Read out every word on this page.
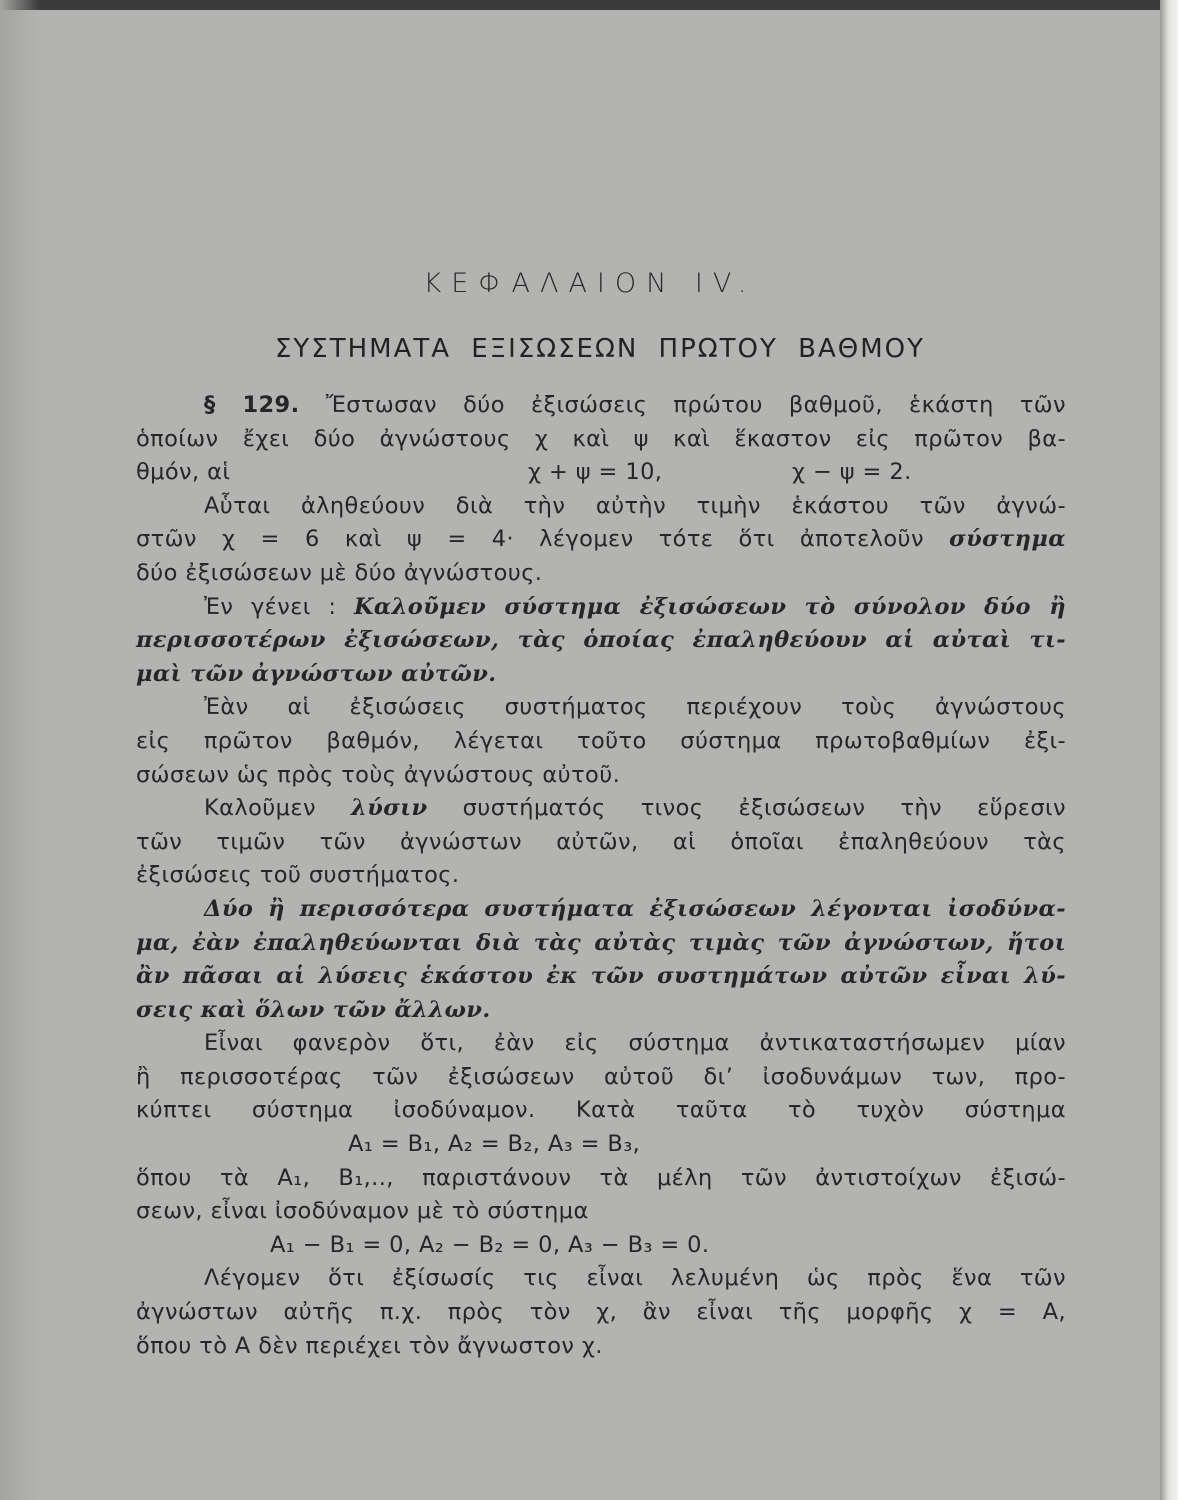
ΚΕΦΑΛΑΙΟΝ IV.
ΣΥΣΤΗΜΑΤΑ ΕΞΙΣΩΣΕΩΝ ΠΡΩΤΟΥ ΒΑΘΜΟΥ
§ 129. Ἔστωσαν δύο ἐξισώσεις πρώτου βαθμοῦ, ἑκάστη τῶν
ὁποίων ἔχει δύο ἀγνώστους χ καὶ ψ καὶ ἕκαστον εἰς πρῶτον βα-
θμόν, αἱ	χ + ψ = 10,	χ − ψ = 2.
Αὗται ἀληθεύουν διὰ τὴν αὐτὴν τιμὴν ἑκάστου τῶν ἀγνώ-
στῶν χ = 6 καὶ ψ = 4· λέγομεν τότε ὅτι ἀποτελοῦν σύστημα
δύο ἐξισώσεων μὲ δύο ἀγνώστους.
Ἐν γένει : Καλοῦμεν σύστημα ἐξισώσεων τὸ σύνολον δύο ἢ
περισσοτέρων ἐξισώσεων, τὰς ὁποίας ἐπαληθεύουν αἱ αὐταὶ τι-
μαὶ τῶν ἀγνώστων αὐτῶν.
Ἐὰν αἱ ἐξισώσεις συστήματος περιέχουν τοὺς ἀγνώστους
εἰς πρῶτον βαθμόν, λέγεται τοῦτο σύστημα πρωτοβαθμίων ἐξι-
σώσεων ὡς πρὸς τοὺς ἀγνώστους αὐτοῦ.
Καλοῦμεν λύσιν συστήματός τινος ἐξισώσεων τὴν εὕρεσιν
τῶν τιμῶν τῶν ἀγνώστων αὐτῶν, αἱ ὁποῖαι ἐπαληθεύουν τὰς
ἐξισώσεις τοῦ συστήματος.
Δύο ἢ περισσότερα συστήματα ἐξισώσεων λέγονται ἰσοδύνα-
μα, ἐὰν ἐπαληθεύωνται διὰ τὰς αὐτὰς τιμὰς τῶν ἀγνώστων, ἤτοι
ἂν πᾶσαι αἱ λύσεις ἑκάστου ἐκ τῶν συστημάτων αὐτῶν εἶναι λύ-
σεις καὶ ὅλων τῶν ἄλλων.
Εἶναι φανερὸν ὅτι, ἐὰν εἰς σύστημα ἀντικαταστήσωμεν μίαν
ἢ περισσοτέρας τῶν ἐξισώσεων αὐτοῦ δι’ ἰσοδυνάμων των, προ-
κύπτει σύστημα ἰσοδύναμον. Κατὰ ταῦτα τὸ τυχὸν σύστημα
A₁ = B₁, A₂ = B₂, A₃ = B₃,
ὅπου τὰ A₁, B₁,.., παριστάνουν τὰ μέλη τῶν ἀντιστοίχων ἐξισώ-
σεων, εἶναι ἰσοδύναμον μὲ τὸ σύστημα
A₁ − B₁ = 0, A₂ − B₂ = 0, A₃ − B₃ = 0.
Λέγομεν ὅτι ἐξίσωσίς τις εἶναι λελυμένη ὡς πρὸς ἕνα τῶν
ἀγνώστων αὐτῆς π.χ. πρὸς τὸν χ, ἂν εἶναι τῆς μορφῆς χ = A,
ὅπου τὸ A δὲν περιέχει τὸν ἄγνωστον χ.
